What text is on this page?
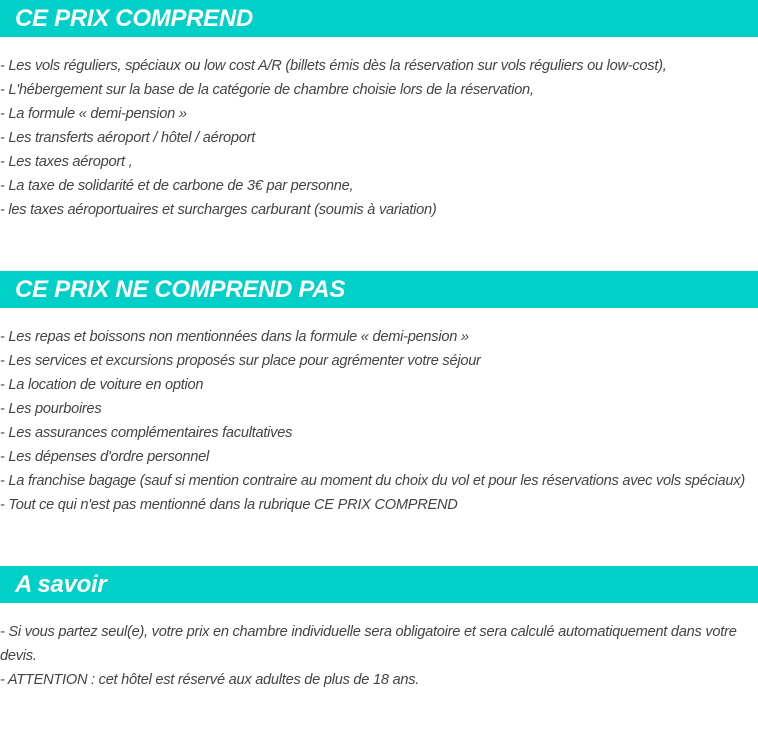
CE PRIX COMPREND
- Les vols réguliers, spéciaux ou low cost A/R (billets émis dès la réservation sur vols réguliers ou low-cost),
- L'hébergement sur la base de la catégorie de chambre choisie lors de la réservation,
- La formule « demi-pension »
- Les transferts aéroport / hôtel / aéroport
- Les taxes aéroport ,
- La taxe de solidarité et de carbone de 3€ par personne,
- les taxes aéroportuaires et surcharges carburant (soumis à variation)
CE PRIX NE COMPREND PAS
- Les repas et boissons non mentionnées dans la formule « demi-pension »
- Les services et excursions proposés sur place pour agrémenter votre séjour
- La location de voiture en option
- Les pourboires
- Les assurances complémentaires facultatives
- Les dépenses d'ordre personnel
- La franchise bagage (sauf si mention contraire au moment du choix du vol et pour les réservations avec vols spéciaux)
- Tout ce qui n'est pas mentionné dans la rubrique CE PRIX COMPREND
A savoir
- Si vous partez seul(e), votre prix en chambre individuelle sera obligatoire et sera calculé automatiquement dans votre devis.
- ATTENTION : cet hôtel est réservé aux adultes de plus de 18 ans.
